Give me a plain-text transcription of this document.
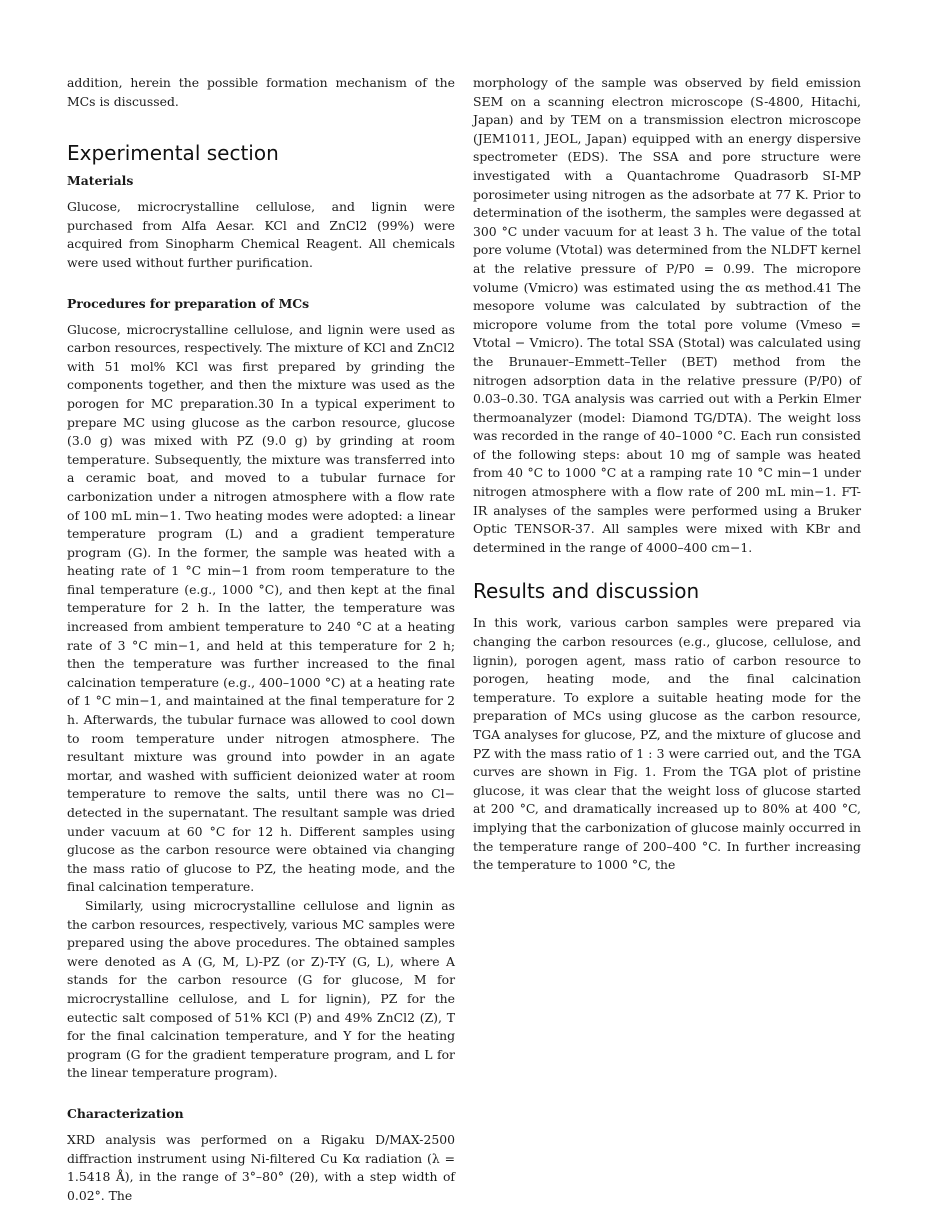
addition, herein the possible formation mechanism of the MCs is discussed.

Experimental section
Materials

Glucose, microcrystalline cellulose, and lignin were purchased from Alfa Aesar. KCl and ZnCl2 (99%) were acquired from Sinopharm Chemical Reagent. All chemicals were used without further purification.

Procedures for preparation of MCs

Glucose, microcrystalline cellulose, and lignin were used as carbon resources, respectively. The mixture of KCl and ZnCl2 with 51 mol% KCl was first prepared by grinding the components together, and then the mixture was used as the porogen for MC preparation.30 In a typical experiment to prepare MC using glucose as the carbon resource, glucose (3.0 g) was mixed with PZ (9.0 g) by grinding at room temperature. Subsequently, the mixture was transferred into a ceramic boat, and moved to a tubular furnace for carbonization under a nitrogen atmosphere with a flow rate of 100 mL min−1. Two heating modes were adopted: a linear temperature program (L) and a gradient temperature program (G). In the former, the sample was heated with a heating rate of 1 °C min−1 from room temperature to the final temperature (e.g., 1000 °C), and then kept at the final temperature for 2 h. In the latter, the temperature was increased from ambient temperature to 240 °C at a heating rate of 3 °C min−1, and held at this temperature for 2 h; then the temperature was further increased to the final calcination temperature (e.g., 400–1000 °C) at a heating rate of 1 °C min−1, and maintained at the final temperature for 2 h. Afterwards, the tubular furnace was allowed to cool down to room temperature under nitrogen atmosphere. The resultant mixture was ground into powder in an agate mortar, and washed with sufficient deionized water at room temperature to remove the salts, until there was no Cl− detected in the supernatant. The resultant sample was dried under vacuum at 60 °C for 12 h. Different samples using glucose as the carbon resource were obtained via changing the mass ratio of glucose to PZ, the heating mode, and the final calcination temperature.

Similarly, using microcrystalline cellulose and lignin as the carbon resources, respectively, various MC samples were prepared using the above procedures. The obtained samples were denoted as A (G, M, L)-PZ (or Z)-T-Y (G, L), where A stands for the carbon resource (G for glucose, M for microcrystalline cellulose, and L for lignin), PZ for the eutectic salt composed of 51% KCl (P) and 49% ZnCl2 (Z), T for the final calcination temperature, and Y for the heating program (G for the gradient temperature program, and L for the linear temperature program).

Characterization

XRD analysis was performed on a Rigaku D/MAX-2500 diffraction instrument using Ni-filtered Cu Kα radiation (λ = 1.5418 Å), in the range of 3°–80° (2θ), with a step width of 0.02°. The

morphology of the sample was observed by field emission SEM on a scanning electron microscope (S-4800, Hitachi, Japan) and by TEM on a transmission electron microscope (JEM1011, JEOL, Japan) equipped with an energy dispersive spectrometer (EDS). The SSA and pore structure were investigated with a Quantachrome Quadrasorb SI-MP porosimeter using nitrogen as the adsorbate at 77 K. Prior to determination of the isotherm, the samples were degassed at 300 °C under vacuum for at least 3 h. The value of the total pore volume (Vtotal) was determined from the NLDFT kernel at the relative pressure of P/P0 = 0.99. The micropore volume (Vmicro) was estimated using the αs method.41 The mesopore volume was calculated by subtraction of the micropore volume from the total pore volume (Vmeso = Vtotal − Vmicro). The total SSA (Stotal) was calculated using the Brunauer–Emmett–Teller (BET) method from the nitrogen adsorption data in the relative pressure (P/P0) of 0.03–0.30. TGA analysis was carried out with a Perkin Elmer thermoanalyzer (model: Diamond TG/DTA). The weight loss was recorded in the range of 40–1000 °C. Each run consisted of the following steps: about 10 mg of sample was heated from 40 °C to 1000 °C at a ramping rate 10 °C min−1 under nitrogen atmosphere with a flow rate of 200 mL min−1. FT-IR analyses of the samples were performed using a Bruker Optic TENSOR-37. All samples were mixed with KBr and determined in the range of 4000–400 cm−1.

Results and discussion

In this work, various carbon samples were prepared via changing the carbon resources (e.g., glucose, cellulose, and lignin), porogen agent, mass ratio of carbon resource to porogen, heating mode, and the final calcination temperature. To explore a suitable heating mode for the preparation of MCs using glucose as the carbon resource, TGA analyses for glucose, PZ, and the mixture of glucose and PZ with the mass ratio of 1 : 3 were carried out, and the TGA curves are shown in Fig. 1. From the TGA plot of pristine glucose, it was clear that the weight loss of glucose started at 200 °C, and dramatically increased up to 80% at 400 °C, implying that the carbonization of glucose mainly occurred in the temperature range of 200–400 °C. In further increasing the temperature to 1000 °C, the
